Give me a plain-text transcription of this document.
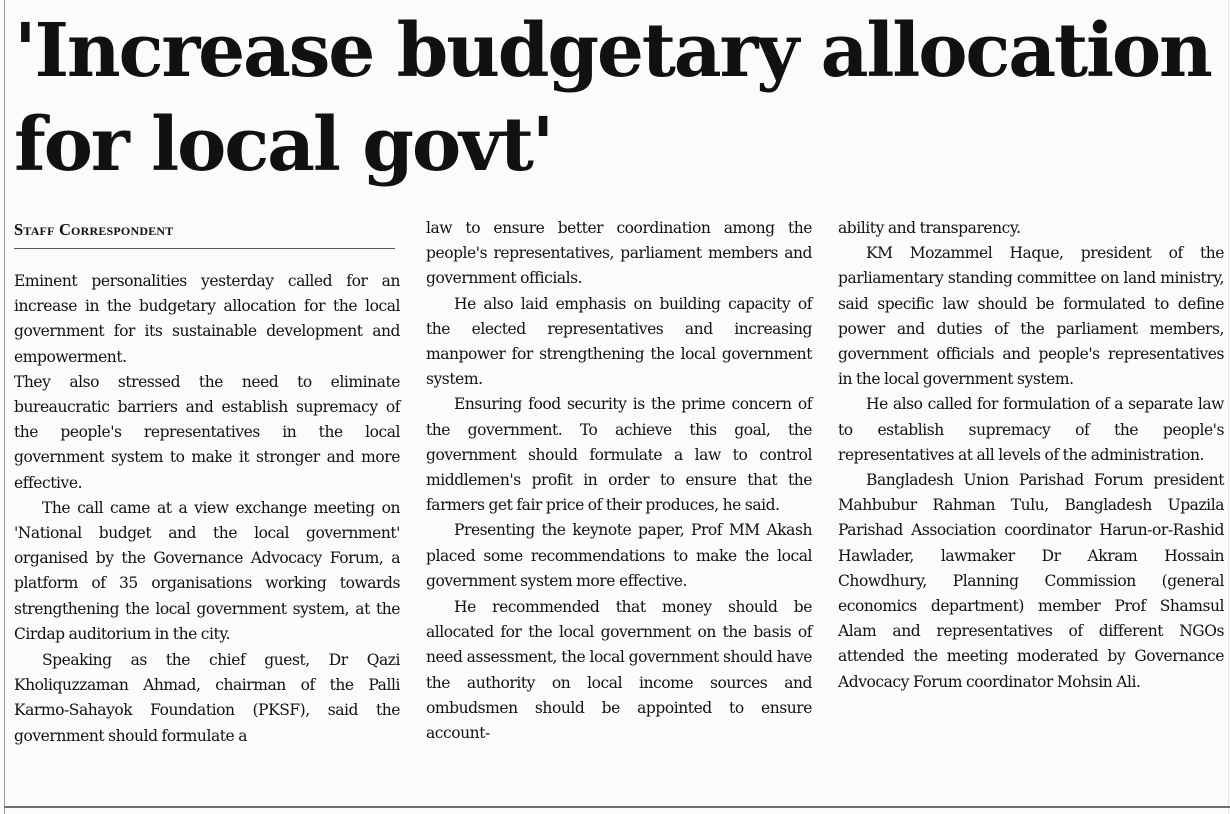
'Increase budgetary allocation
for local govt'
Staff Correspondent

Eminent personalities yesterday called for an increase in the budgetary allocation for the local government for its sustainable development and empowerment.

They also stressed the need to eliminate bureaucratic barriers and establish supremacy of the people's representatives in the local government system to make it stronger and more effective.

The call came at a view exchange meeting on 'National budget and the local government' organised by the Governance Advocacy Forum, a platform of 35 organisations working towards strengthening the local government system, at the Cirdap auditorium in the city.

Speaking as the chief guest, Dr Qazi Kholiquzzaman Ahmad, chairman of the Palli Karmo-Sahayok Foundation (PKSF), said the government should formulate a

law to ensure better coordination among the people's representatives, parliament members and government officials.

He also laid emphasis on building capacity of the elected representatives and increasing manpower for strengthening the local government system.

Ensuring food security is the prime concern of the government. To achieve this goal, the government should formulate a law to control middlemen's profit in order to ensure that the farmers get fair price of their produces, he said.

Presenting the keynote paper, Prof MM Akash placed some recommendations to make the local government system more effective.

He recommended that money should be allocated for the local government on the basis of need assessment, the local government should have the authority on local income sources and ombudsmen should be appointed to ensure account-

ability and transparency.

KM Mozammel Haque, president of the parliamentary standing committee on land ministry, said specific law should be formulated to define power and duties of the parliament members, government officials and people's representatives in the local government system.

He also called for formulation of a separate law to establish supremacy of the people's representatives at all levels of the administration.

Bangladesh Union Parishad Forum president Mahbubur Rahman Tulu, Bangladesh Upazila Parishad Association coordinator Harun-or-Rashid Hawlader, lawmaker Dr Akram Hossain Chowdhury, Planning Commission (general economics department) member Prof Shamsul Alam and representatives of different NGOs attended the meeting moderated by Governance Advocacy Forum coordinator Mohsin Ali.
